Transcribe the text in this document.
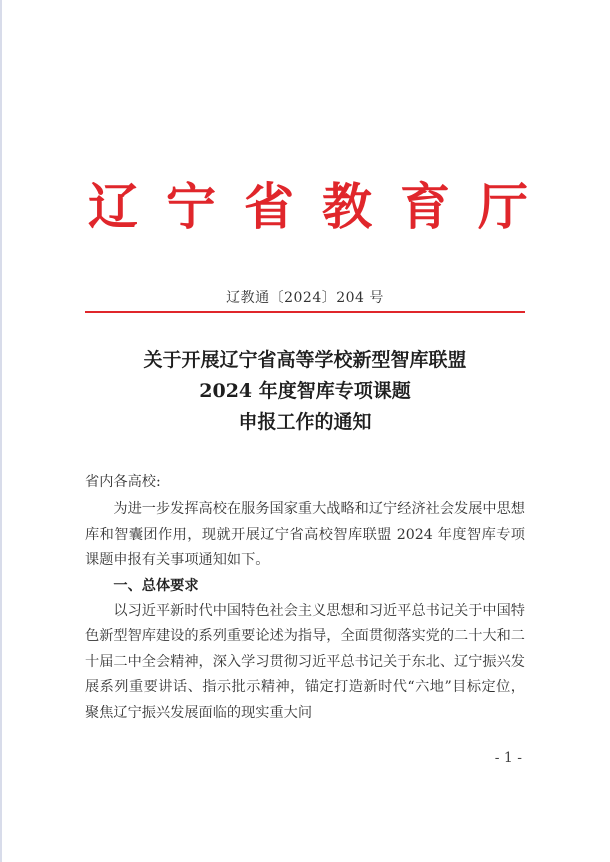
辽 宁 省 教 育 厅
辽教通〔2024〕204 号
关于开展辽宁省高等学校新型智库联盟
2024 年度智库专项课题
申报工作的通知

省内各高校:

为进一步发挥高校在服务国家重大战略和辽宁经济社会发展中思想库和智囊团作用，现就开展辽宁省高校智库联盟 2024 年度智库专项课题申报有关事项通知如下。

一、总体要求

以习近平新时代中国特色社会主义思想和习近平总书记关于中国特色新型智库建设的系列重要论述为指导，全面贯彻落实党的二十大和二十届二中全会精神，深入学习贯彻习近平总书记关于东北、辽宁振兴发展系列重要讲话、指示批示精神，锚定打造新时代“六地”目标定位，聚焦辽宁振兴发展面临的现实重大问

- 1 -
